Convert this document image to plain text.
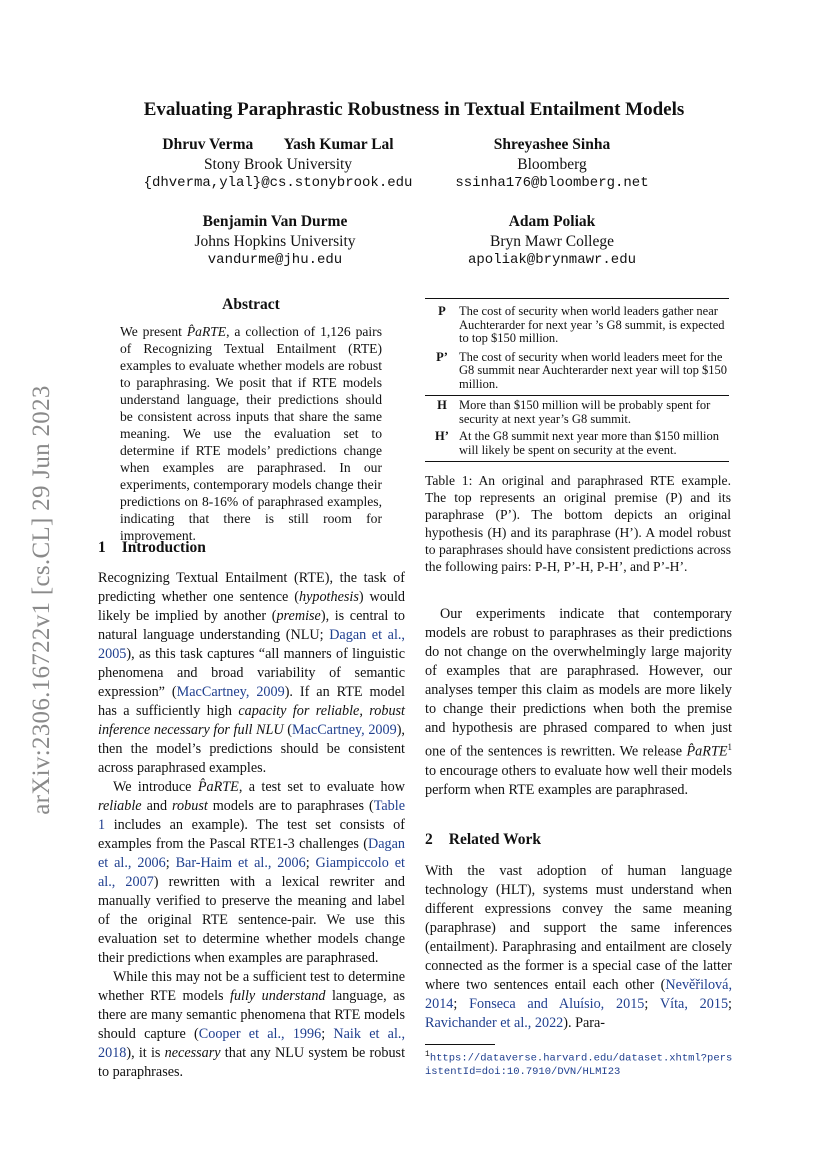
arXiv:2306.16722v1 [cs.CL] 29 Jun 2023
Evaluating Paraphrastic Robustness in Textual Entailment Models
Dhruv Verma        Yash Kumar Lal
Stony Brook University
{dhverma,ylal}@cs.stonybrook.edu
Shreyashee Sinha
Bloomberg
ssinha176@bloomberg.net
Benjamin Van Durme
Johns Hopkins University
vandurme@jhu.edu
Adam Poliak
Bryn Mawr College
apoliak@brynmawr.edu
Abstract
We present P̂aRTE, a collection of 1,126 pairs of Recognizing Textual Entailment (RTE) examples to evaluate whether models are robust to paraphrasing. We posit that if RTE models understand language, their predictions should be consistent across inputs that share the same meaning. We use the evaluation set to determine if RTE models’ predictions change when examples are paraphrased. In our experiments, contemporary models change their predictions on 8-16% of paraphrased examples, indicating that there is still room for improvement.
1 Introduction

Recognizing Textual Entailment (RTE), the task of predicting whether one sentence (hypothesis) would likely be implied by another (premise), is central to natural language understanding (NLU; Dagan et al., 2005), as this task captures “all manners of linguistic phenomena and broad variability of semantic expression” (MacCartney, 2009). If an RTE model has a sufficiently high capacity for reliable, robust inference necessary for full NLU (MacCartney, 2009), then the model’s predictions should be consistent across paraphrased examples.

We introduce P̂aRTE, a test set to evaluate how reliable and robust models are to paraphrases (Table 1 includes an example). The test set consists of examples from the Pascal RTE1-3 challenges (Dagan et al., 2006; Bar-Haim et al., 2006; Giampiccolo et al., 2007) rewritten with a lexical rewriter and manually verified to preserve the meaning and label of the original RTE sentence-pair. We use this evaluation set to determine whether models change their predictions when examples are paraphrased.

While this may not be a sufficient test to determine whether RTE models fully understand language, as there are many semantic phenomena that RTE models should capture (Cooper et al., 1996; Naik et al., 2018), it is necessary that any NLU system be robust to paraphrases.

P	The cost of security when world leaders gather near Auchterarder for next year ’s G8 summit, is expected to top $150 million.
P’ The cost of security when world leaders meet for the G8 summit near Auchterarder next year will top $150 million.
H More than $150 million will be probably spent for security at next year’s G8 summit.
H’ At the G8 summit next year more than $150 million will likely be spent on security at the event.
Table 1: An original and paraphrased RTE example. The top represents an original premise (P) and its paraphrase (P’). The bottom depicts an original hypothesis (H) and its paraphrase (H’). A model robust to paraphrases should have consistent predictions across the following pairs: P-H, P’-H, P-H’, and P’-H’.

Our experiments indicate that contemporary models are robust to paraphrases as their predictions do not change on the overwhelmingly large majority of examples that are paraphrased. However, our analyses temper this claim as models are more likely to change their predictions when both the premise and hypothesis are phrased compared to when just one of the sentences is rewritten. We release P̂aRTE$^1$ to encourage others to evaluate how well their models perform when RTE examples are paraphrased.

2 Related Work

With the vast adoption of human language technology (HLT), systems must understand when different expressions convey the same meaning (paraphrase) and support the same inferences (entailment). Paraphrasing and entailment are closely connected as the former is a special case of the latter where two sentences entail each other (Nevěřilová, 2014; Fonseca and Aluísio, 2015; Víta, 2015; Ravichander et al., 2022). Para-

$^1$https://dataverse.harvard.edu/dataset.xhtml?persistentId=doi:10.7910/DVN/HLMI23
